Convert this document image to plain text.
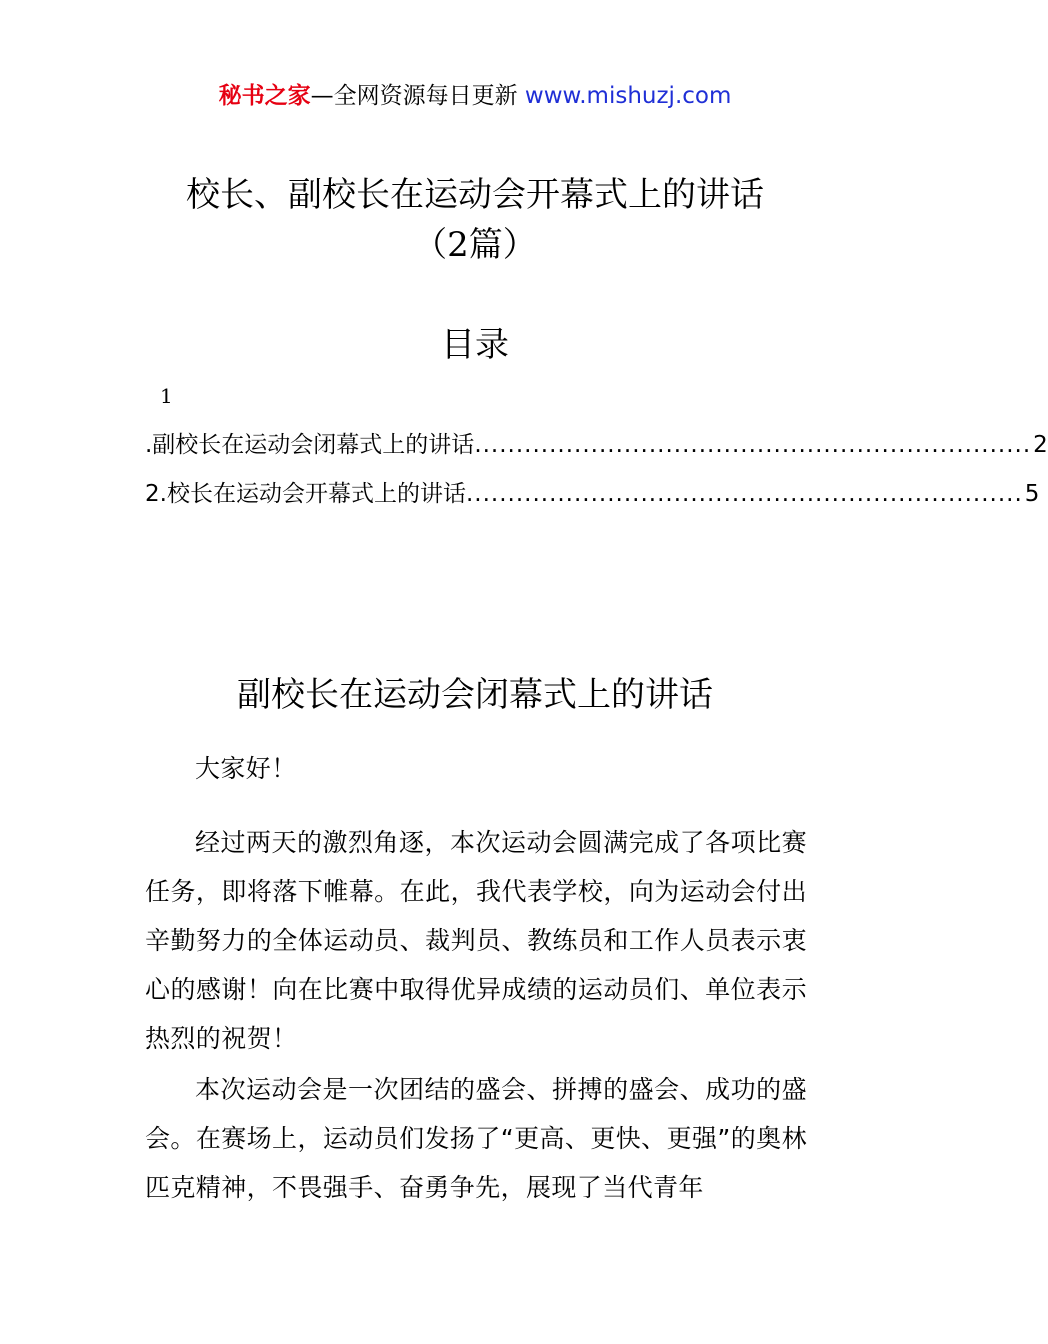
秘书之家—全网资源每日更新 www.mishuzj.com
校长、副校长在运动会开幕式上的讲话
（2篇）
目录
1
.副校长在运动会闭幕式上的讲话 ................................................................... 2
2.校长在运动会开幕式上的讲话 ................................................................... 5
副校长在运动会闭幕式上的讲话
大家好！
经过两天的激烈角逐，本次运动会圆满完成了各项比赛任务，即将落下帷幕。在此，我代表学校，向为运动会付出辛勤努力的全体运动员、裁判员、教练员和工作人员表示衷心的感谢！向在比赛中取得优异成绩的运动员们、单位表示热烈的祝贺！
本次运动会是一次团结的盛会、拼搏的盛会、成功的盛会。在赛场上，运动员们发扬了“更高、更快、更强”的奥林匹克精神，不畏强手、奋勇争先，展现了当代青年
